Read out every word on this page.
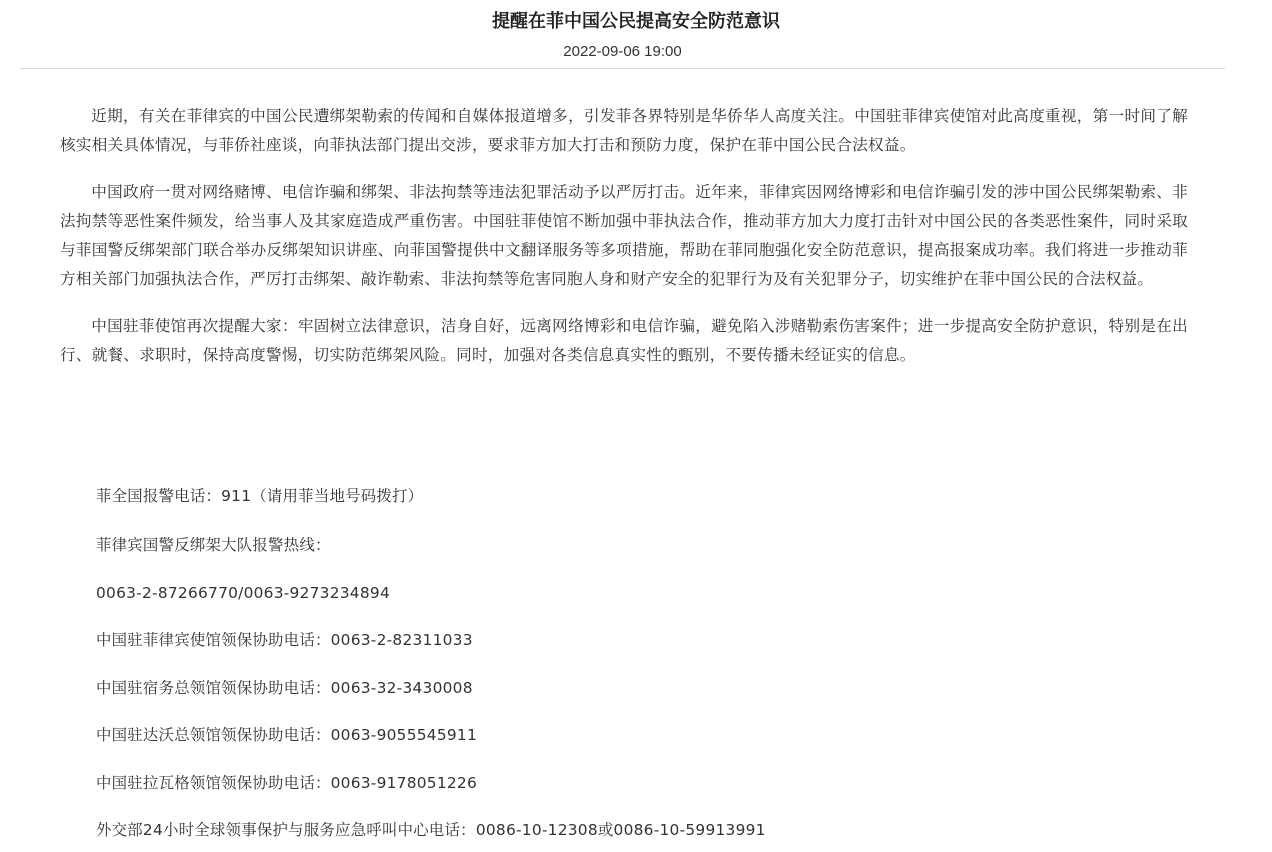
提醒在菲中国公民提高安全防范意识
2022-09-06 19:00

近期，有关在菲律宾的中国公民遭绑架勒索的传闻和自媒体报道增多，引发菲各界特别是华侨华人高度关注。中国驻菲律宾使馆对此高度重视，第一时间了解核实相关具体情况，与菲侨社座谈，向菲执法部门提出交涉，要求菲方加大打击和预防力度，保护在菲中国公民合法权益。

中国政府一贯对网络赌博、电信诈骗和绑架、非法拘禁等违法犯罪活动予以严厉打击。近年来，菲律宾因网络博彩和电信诈骗引发的涉中国公民绑架勒索、非法拘禁等恶性案件频发，给当事人及其家庭造成严重伤害。中国驻菲使馆不断加强中菲执法合作，推动菲方加大力度打击针对中国公民的各类恶性案件，同时采取与菲国警反绑架部门联合举办反绑架知识讲座、向菲国警提供中文翻译服务等多项措施，帮助在菲同胞强化安全防范意识，提高报案成功率。我们将进一步推动菲方相关部门加强执法合作，严厉打击绑架、敲诈勒索、非法拘禁等危害同胞人身和财产安全的犯罪行为及有关犯罪分子，切实维护在菲中国公民的合法权益。

中国驻菲使馆再次提醒大家：牢固树立法律意识，洁身自好，远离网络博彩和电信诈骗，避免陷入涉赌勒索伤害案件；进一步提高安全防护意识，特别是在出行、就餐、求职时，保持高度警惕，切实防范绑架风险。同时，加强对各类信息真实性的甄别，不要传播未经证实的信息。

菲全国报警电话：911（请用菲当地号码拨打）
菲律宾国警反绑架大队报警热线：
0063-2-87266770/0063-9273234894
中国驻菲律宾使馆领保协助电话：0063-2-82311033
中国驻宿务总领馆领保协助电话：0063-32-3430008
中国驻达沃总领馆领保协助电话：0063-9055545911
中国驻拉瓦格领馆领保协助电话：0063-9178051226
外交部24小时全球领事保护与服务应急呼叫中心电话：0086-10-12308或0086-10-59913991
